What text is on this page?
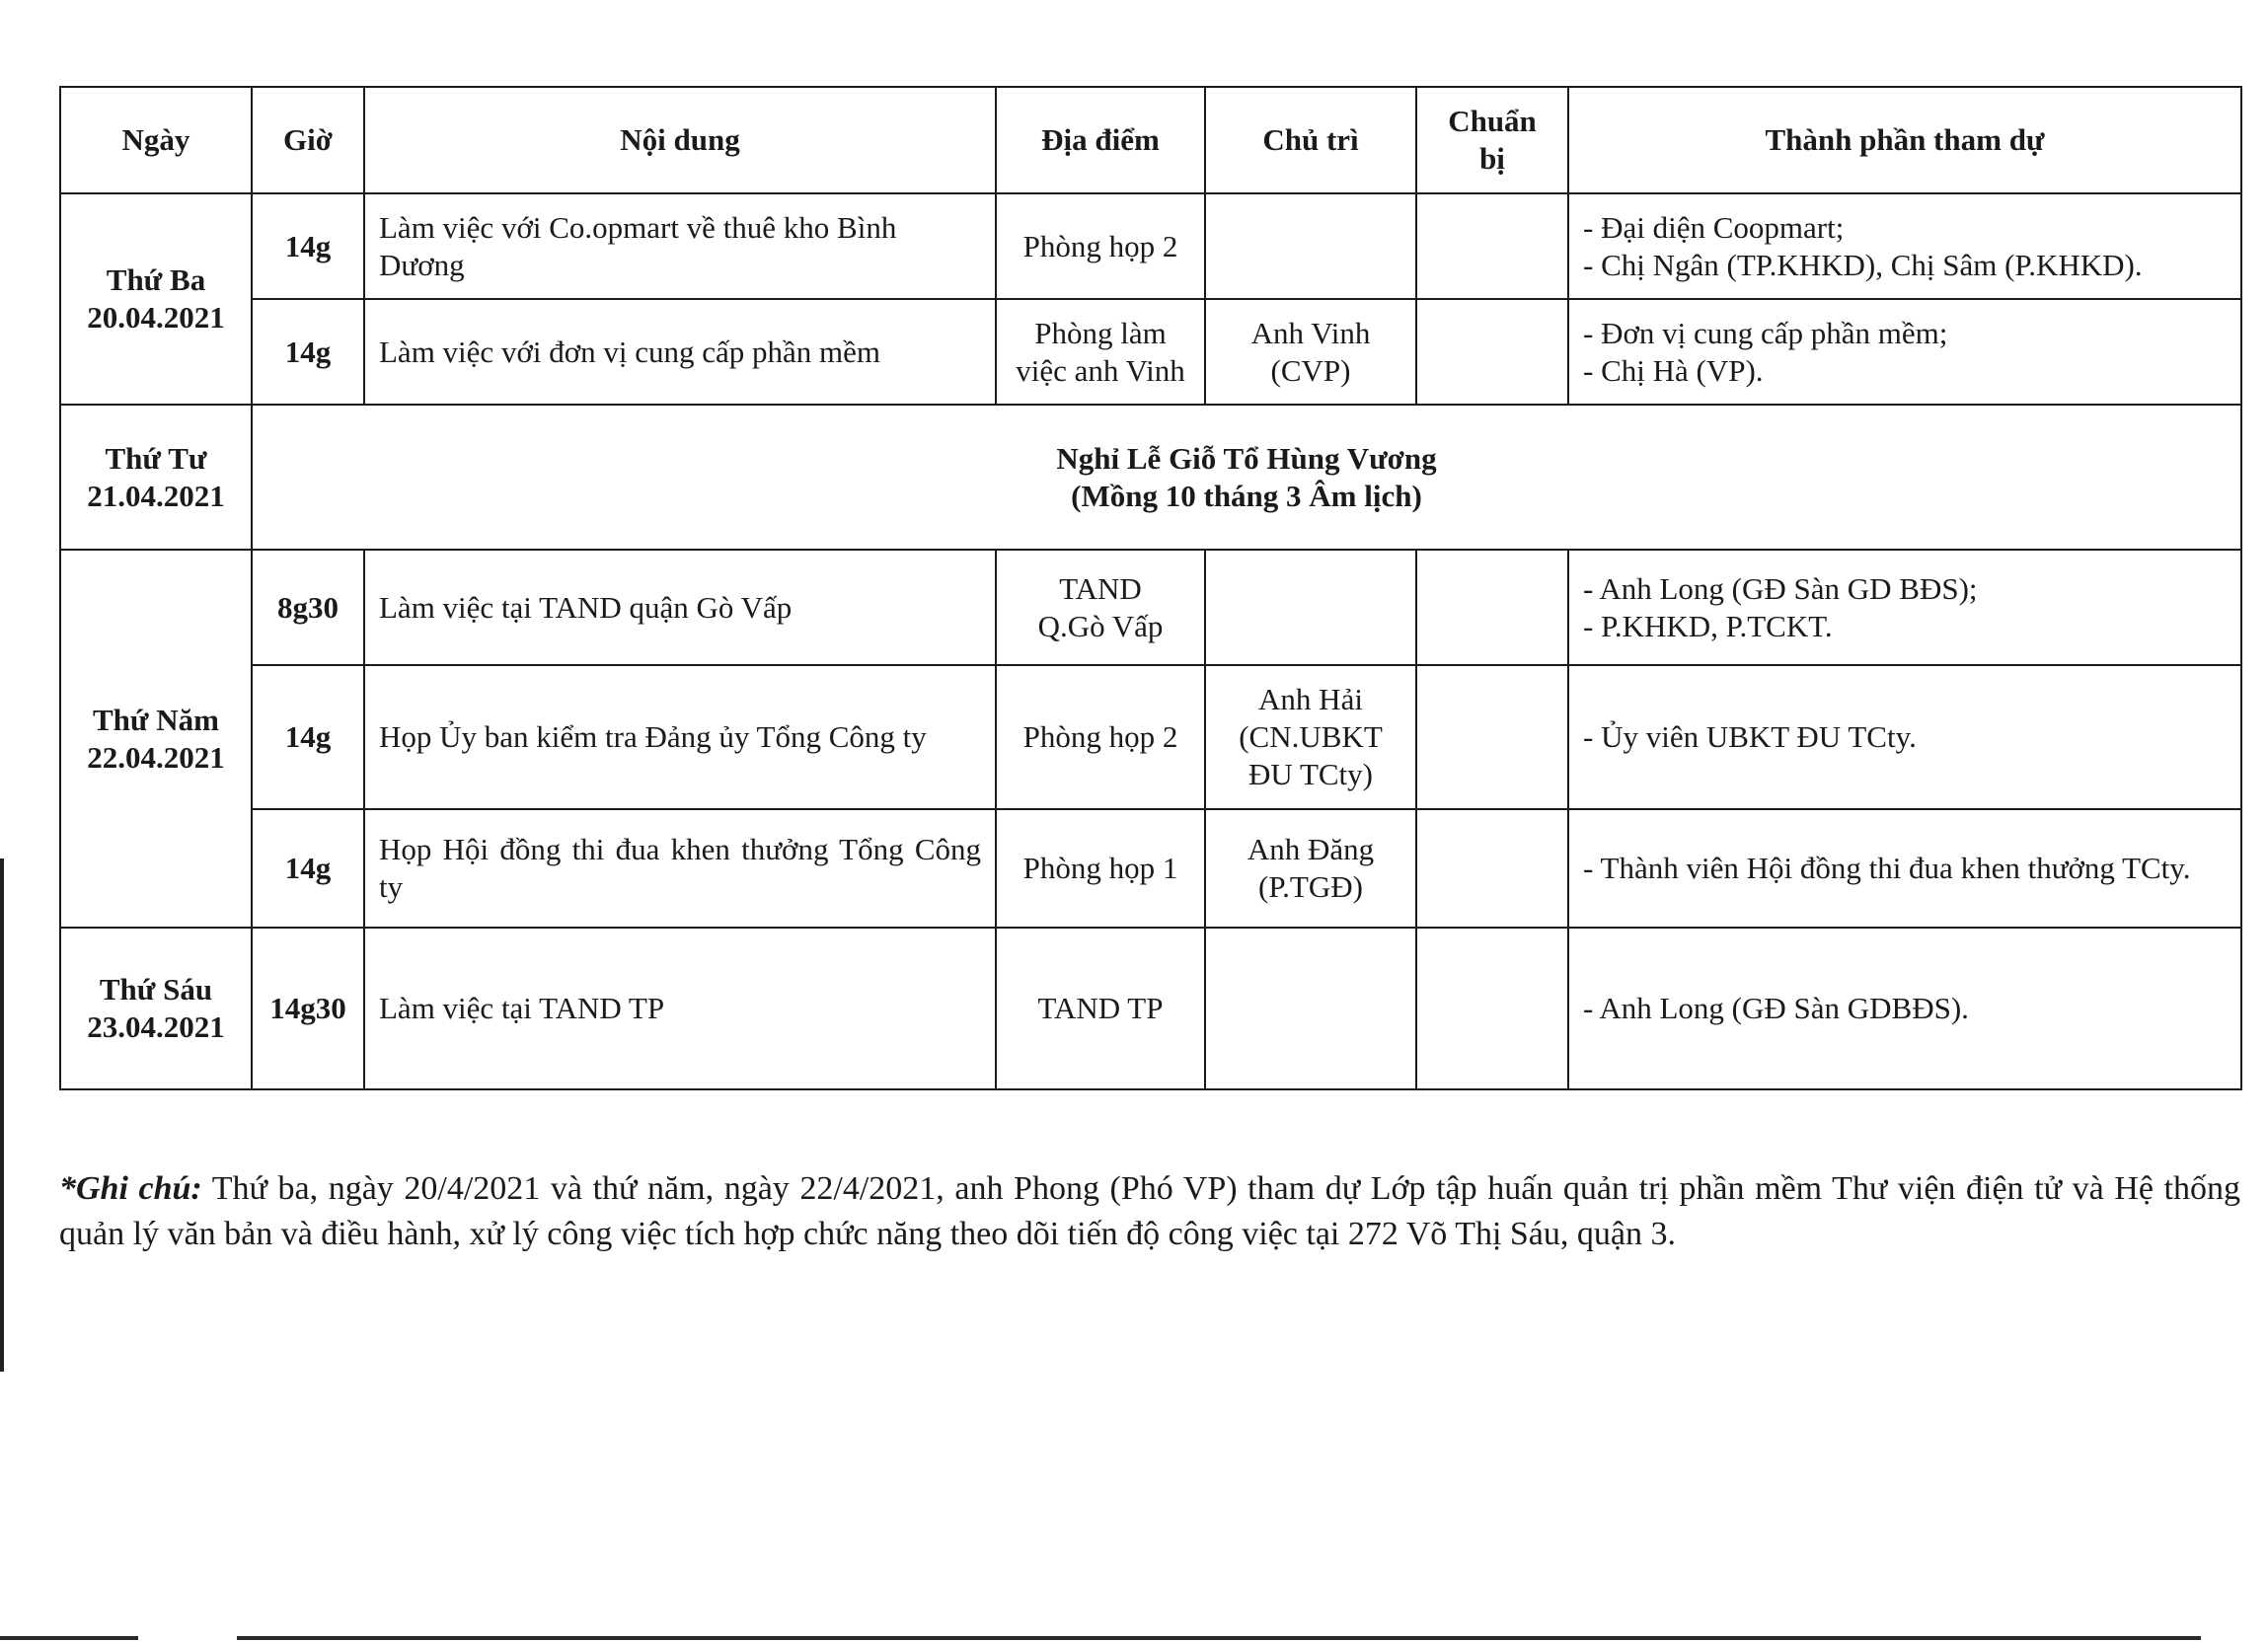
Ngày	Giờ	Nội dung	Địa điểm	Chủ trì	Chuẩn
bị	Thành phần tham dự

Thứ Ba
20.04.2021	14g	Làm việc với Co.opmart về thuê kho Bình Dương	Phòng họp 2			- Đại diện Coopmart;
- Chị Ngân (TP.KHKD), Chị Sâm (P.KHKD).

	14g	Làm việc với đơn vị cung cấp phần mềm	Phòng làm
việc anh Vinh	Anh Vinh
(CVP)		- Đơn vị cung cấp phần mềm;
- Chị Hà (VP).

Thứ Tư
21.04.2021	Nghỉ Lễ Giỗ Tổ Hùng Vương
(Mồng 10 tháng 3 Âm lịch)					

Thứ Năm
22.04.2021	8g30	Làm việc tại TAND quận Gò Vấp	TAND
Q.Gò Vấp			- Anh Long (GĐ Sàn GD BĐS);
- P.KHKD, P.TCKT.

	14g	Họp Ủy ban kiểm tra Đảng ủy Tổng Công ty	Phòng họp 2	Anh Hải
(CN.UBKT
ĐU TCty)		- Ủy viên UBKT ĐU TCty.

	14g	Họp Hội đồng thi đua khen thưởng Tổng Công ty	Phòng họp 1	Anh Đăng
(P.TGĐ)		- Thành viên Hội đồng thi đua khen thưởng TCty.

Thứ Sáu
23.04.2021	14g30	Làm việc tại TAND TP	TAND TP			- Anh Long (GĐ Sàn GDBĐS).

*Ghi chú: Thứ ba, ngày 20/4/2021 và thứ năm, ngày 22/4/2021, anh Phong (Phó VP) tham dự Lớp tập huấn quản trị phần mềm Thư viện điện tử và Hệ thống quản lý văn bản và điều hành, xử lý công việc tích hợp chức năng theo dõi tiến độ công việc tại 272 Võ Thị Sáu, quận 3.
